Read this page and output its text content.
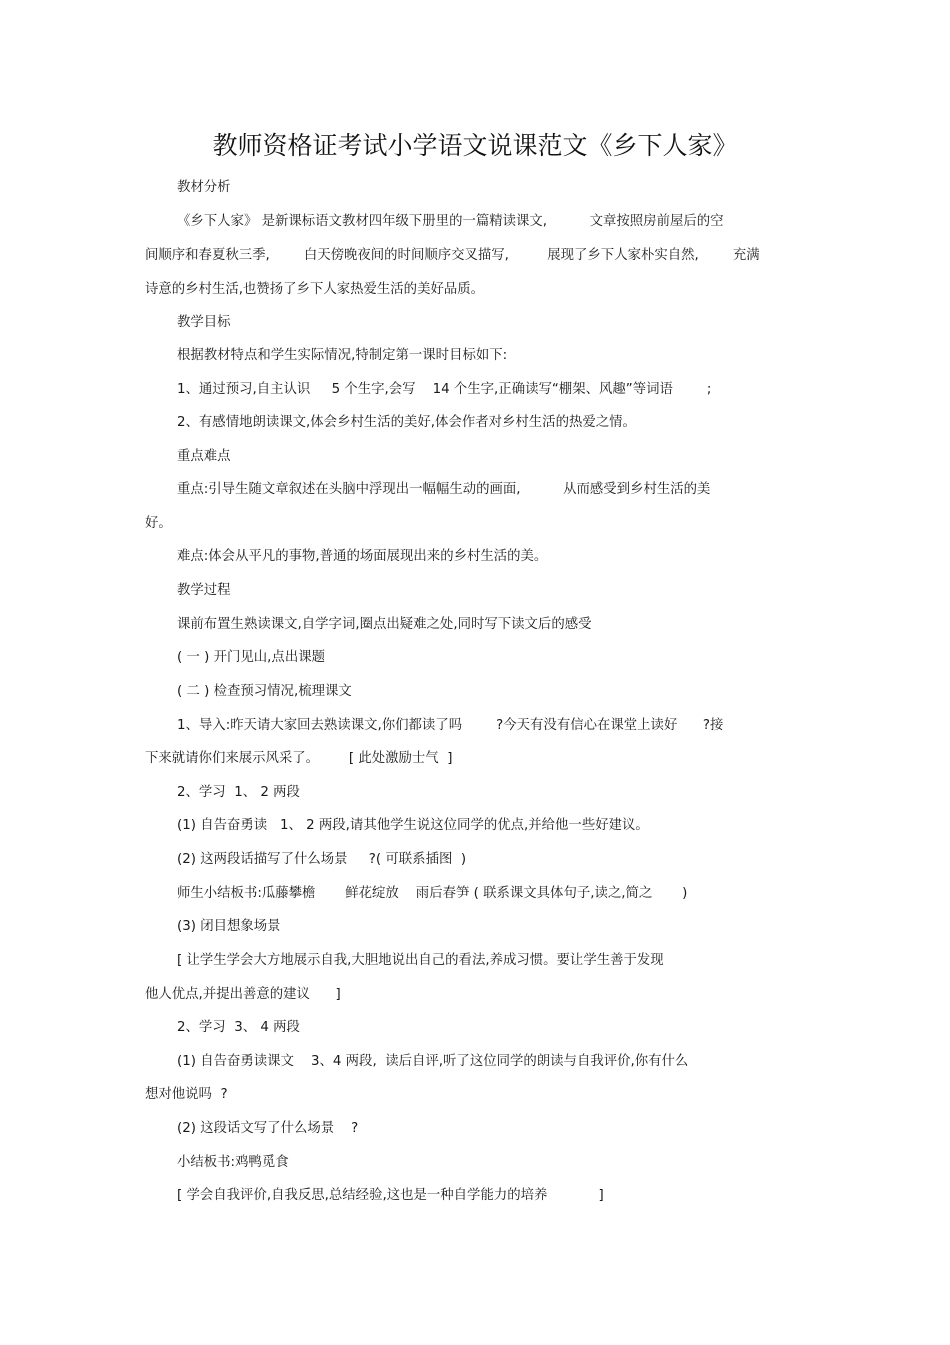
教师资格证考试小学语文说课范文《乡下人家》
教材分析
《乡下人家》 是新课标语文教材四年级下册里的一篇精读课文,          文章按照房前屋后的空
间顺序和春夏秋三季,        白天傍晚夜间的时间顺序交叉描写,         展现了乡下人家朴实自然,        充满
诗意的乡村生活,也赞扬了乡下人家热爱生活的美好品质。
教学目标
根据教材特点和学生实际情况,特制定第一课时目标如下:
1、通过预习,自主认识     5 个生字,会写    14 个生字,正确读写“棚架、风趣”等词语        ;
2、有感情地朗读课文,体会乡村生活的美好,体会作者对乡村生活的热爱之情。
重点难点
重点:引导生随文章叙述在头脑中浮现出一幅幅生动的画面,          从而感受到乡村生活的美
好。
难点:体会从平凡的事物,普通的场面展现出来的乡村生活的美。
教学过程
课前布置生熟读课文,自学字词,圈点出疑难之处,同时写下读文后的感受
( 一 ) 开门见山,点出课题
( 二 ) 检查预习情况,梳理课文
1、导入:昨天请大家回去熟读课文,你们都读了吗        ?今天有没有信心在课堂上读好      ?接
下来就请你们来展示风采了。       [ 此处激励士气  ]
2、学习  1、 2 两段
(1) 自告奋勇读   1、 2 两段,请其他学生说这位同学的优点,并给他一些好建议。
(2) 这两段话描写了什么场景     ?( 可联系插图  )
师生小结板书:瓜藤攀檐       鲜花绽放    雨后春笋 ( 联系课文具体句子,读之,简之       )
(3) 闭目想象场景
[ 让学生学会大方地展示自我,大胆地说出自己的看法,养成习惯。要让学生善于发现
他人优点,并提出善意的建议      ]
2、学习  3、 4 两段
(1) 自告奋勇读课文    3、4 两段,  读后自评,听了这位同学的朗读与自我评价,你有什么
想对他说吗  ?
(2) 这段话文写了什么场景    ?
小结板书:鸡鸭觅食
[ 学会自我评价,自我反思,总结经验,这也是一种自学能力的培养            ]
